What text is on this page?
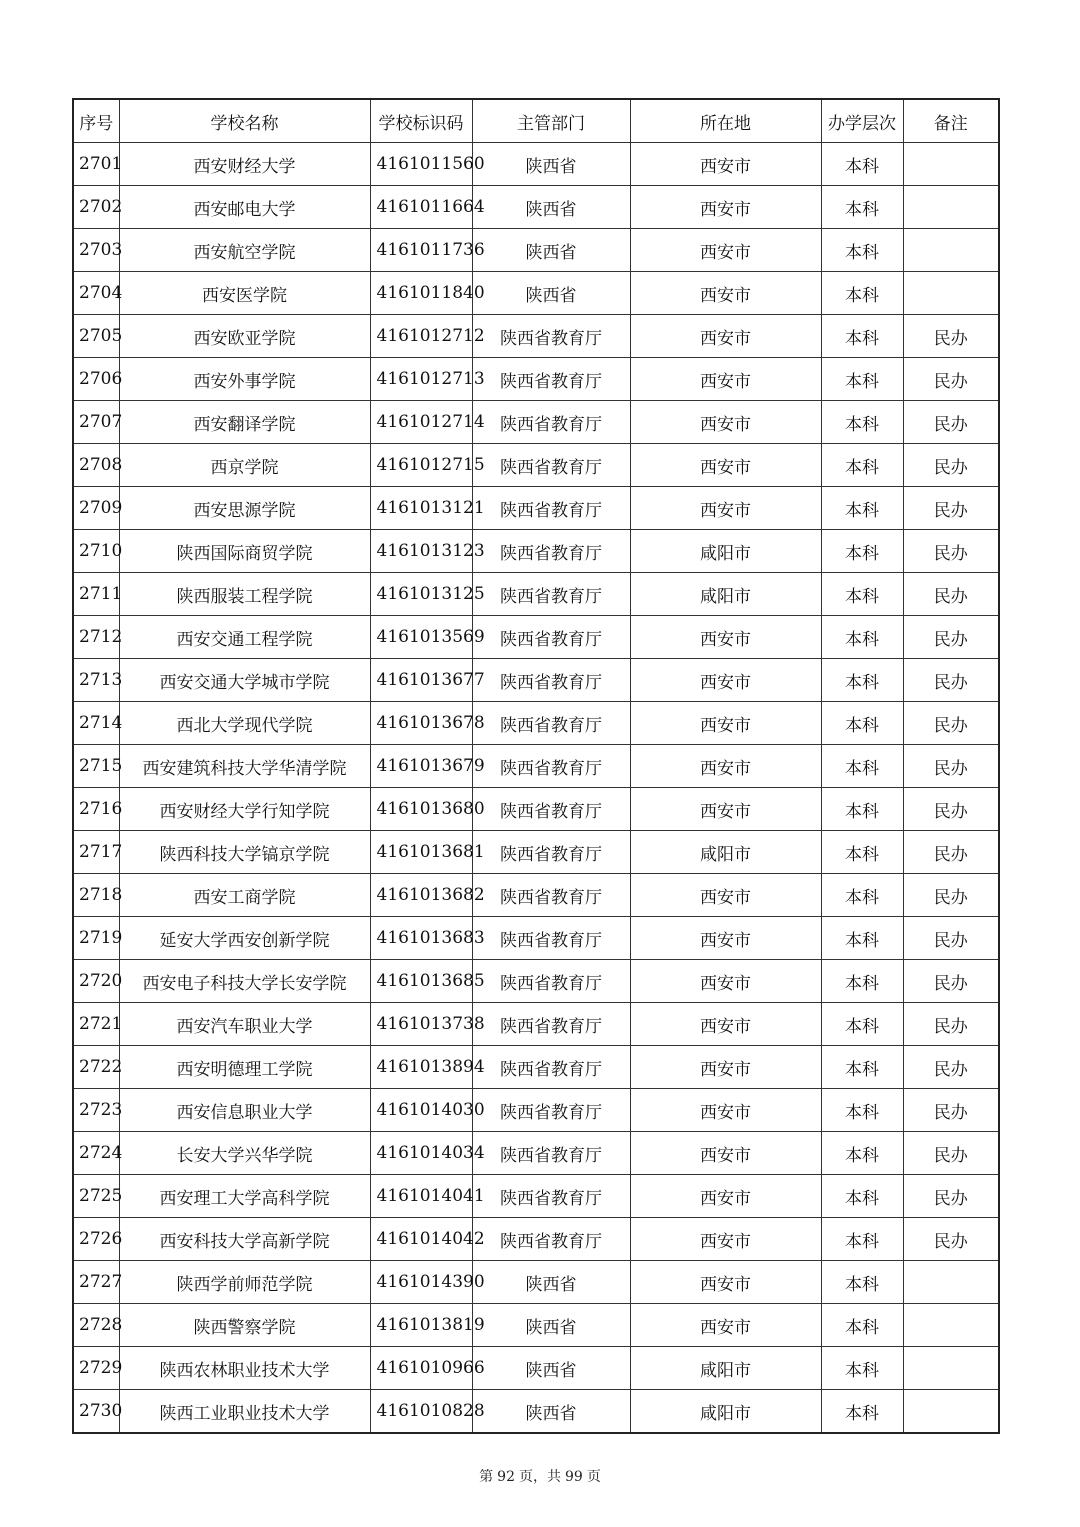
序号	学校名称	学校标识码	主管部门	所在地	办学层次	备注
2701	西安财经大学	4161011560	陕西省	西安市	本科	
2702	西安邮电大学	4161011664	陕西省	西安市	本科	
2703	西安航空学院	4161011736	陕西省	西安市	本科	
2704	西安医学院	4161011840	陕西省	西安市	本科	
2705	西安欧亚学院	4161012712	陕西省教育厅	西安市	本科	民办
2706	西安外事学院	4161012713	陕西省教育厅	西安市	本科	民办
2707	西安翻译学院	4161012714	陕西省教育厅	西安市	本科	民办
2708	西京学院	4161012715	陕西省教育厅	西安市	本科	民办
2709	西安思源学院	4161013121	陕西省教育厅	西安市	本科	民办
2710	陕西国际商贸学院	4161013123	陕西省教育厅	咸阳市	本科	民办
2711	陕西服装工程学院	4161013125	陕西省教育厅	咸阳市	本科	民办
2712	西安交通工程学院	4161013569	陕西省教育厅	西安市	本科	民办
2713	西安交通大学城市学院	4161013677	陕西省教育厅	西安市	本科	民办
2714	西北大学现代学院	4161013678	陕西省教育厅	西安市	本科	民办
2715	西安建筑科技大学华清学院	4161013679	陕西省教育厅	西安市	本科	民办
2716	西安财经大学行知学院	4161013680	陕西省教育厅	西安市	本科	民办
2717	陕西科技大学镐京学院	4161013681	陕西省教育厅	咸阳市	本科	民办
2718	西安工商学院	4161013682	陕西省教育厅	西安市	本科	民办
2719	延安大学西安创新学院	4161013683	陕西省教育厅	西安市	本科	民办
2720	西安电子科技大学长安学院	4161013685	陕西省教育厅	西安市	本科	民办
2721	西安汽车职业大学	4161013738	陕西省教育厅	西安市	本科	民办
2722	西安明德理工学院	4161013894	陕西省教育厅	西安市	本科	民办
2723	西安信息职业大学	4161014030	陕西省教育厅	西安市	本科	民办
2724	长安大学兴华学院	4161014034	陕西省教育厅	西安市	本科	民办
2725	西安理工大学高科学院	4161014041	陕西省教育厅	西安市	本科	民办
2726	西安科技大学高新学院	4161014042	陕西省教育厅	西安市	本科	民办
2727	陕西学前师范学院	4161014390	陕西省	西安市	本科	
2728	陕西警察学院	4161013819	陕西省	西安市	本科	
2729	陕西农林职业技术大学	4161010966	陕西省	咸阳市	本科	
2730	陕西工业职业技术大学	4161010828	陕西省	咸阳市	本科	
第 92 页，共 99 页
